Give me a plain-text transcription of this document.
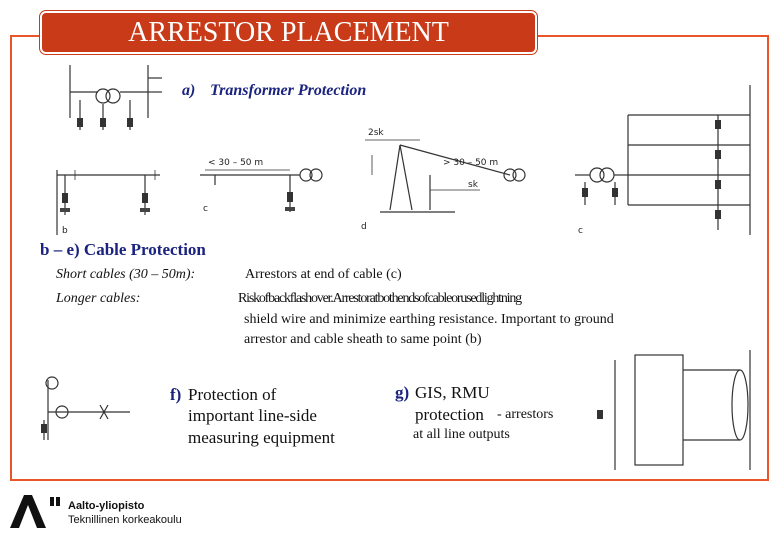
ARRESTOR PLACEMENT
a) Transformer Protection
< 30 – 50 m	> 30 – 50 m
2sk
sk
b
c
d	c
b – e) Cable Protection
Short cables (30 – 50m):	Arrestors at end of cable (c)
Longer cables:	Riskofbackflashover.Arrestoratbothendsofcableorusedlightning
shield wire and minimize earthing resistance. Important to ground
arrestor and cable sheath to same point (b)
f) Protection of
important line-side
measuring equipment
g) GIS, RMU
protection - arrestors
at all line outputs
Aalto-yliopisto
Teknillinen korkeakoulu
